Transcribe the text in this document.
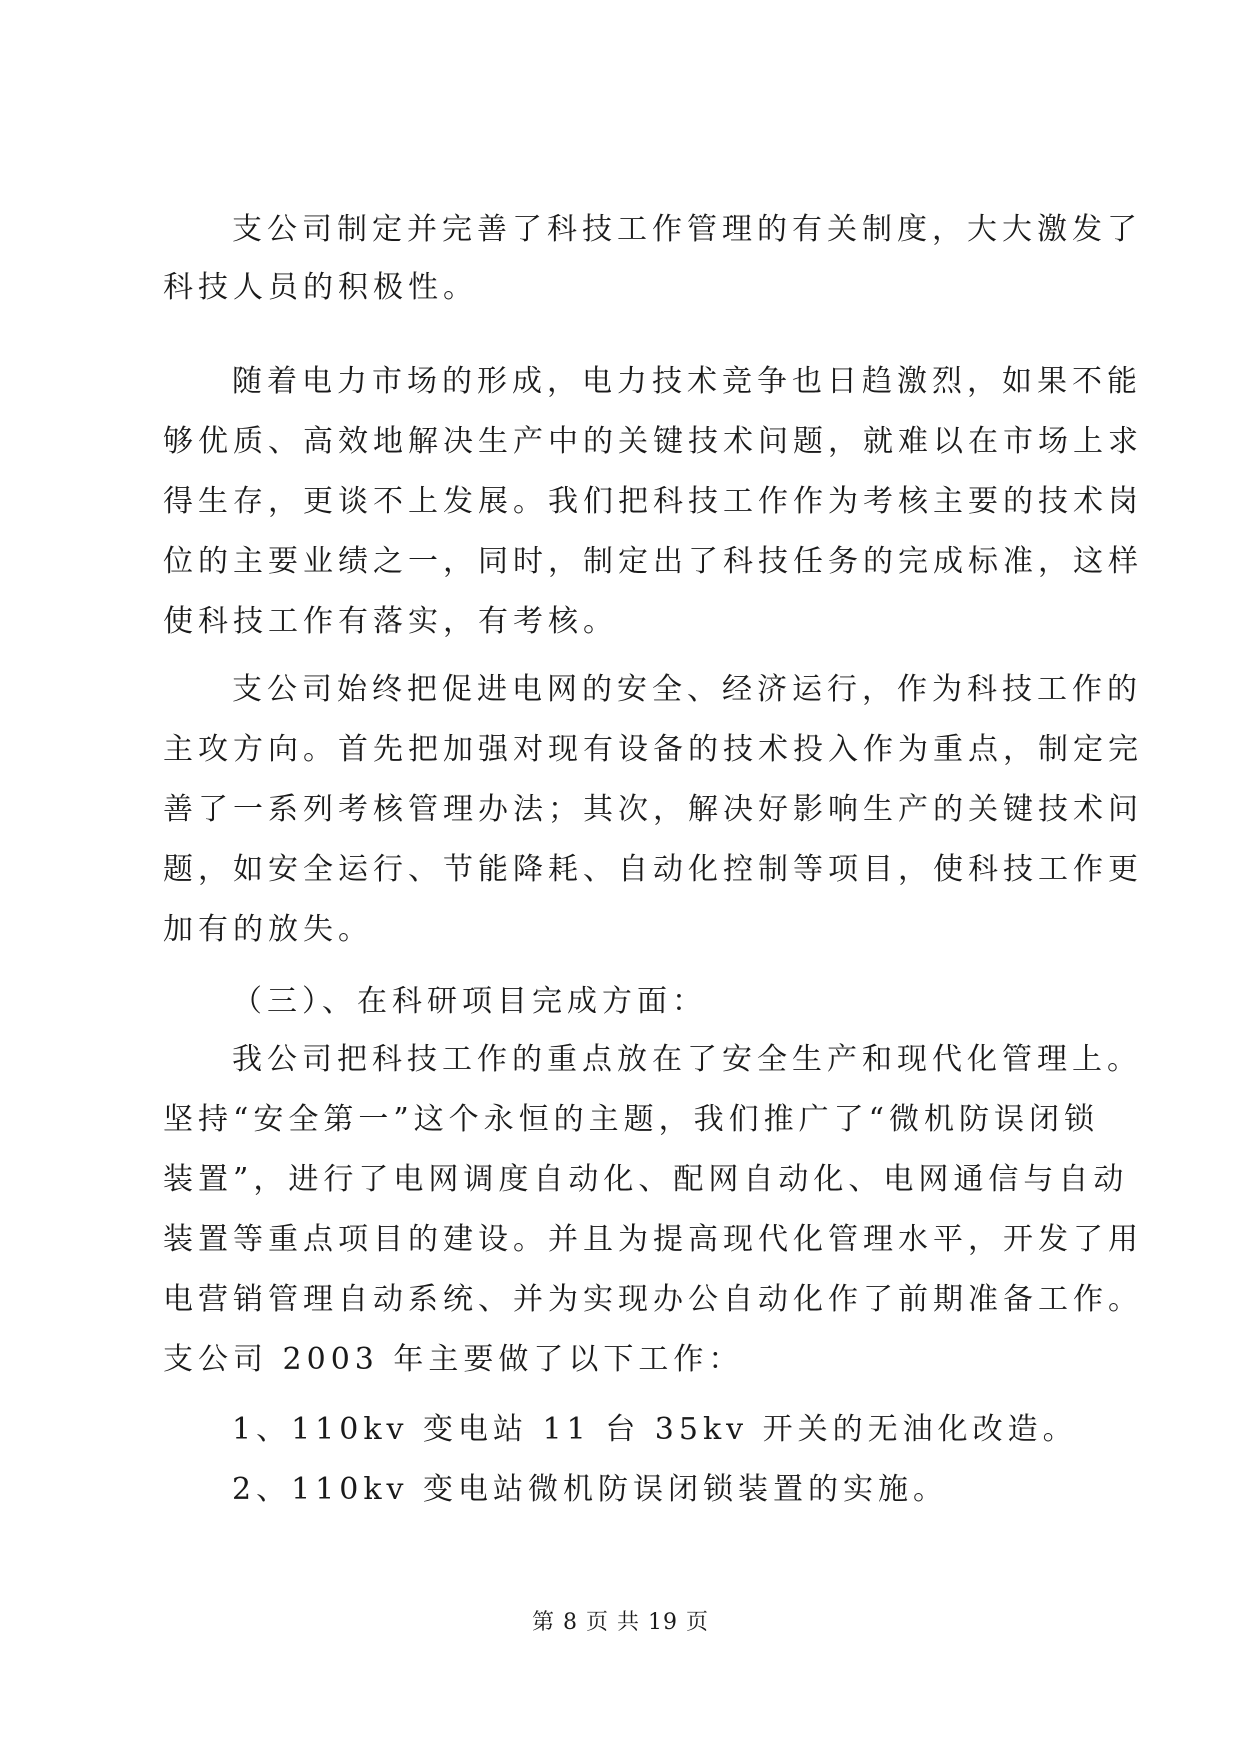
支公司制定并完善了科技工作管理的有关制度，大大激发了
科技人员的积极性。
随着电力市场的形成，电力技术竞争也日趋激烈，如果不能
够优质、高效地解决生产中的关键技术问题，就难以在市场上求
得生存，更谈不上发展。我们把科技工作作为考核主要的技术岗
位的主要业绩之一，同时，制定出了科技任务的完成标准，这样
使科技工作有落实，有考核。
支公司始终把促进电网的安全、经济运行，作为科技工作的
主攻方向。首先把加强对现有设备的技术投入作为重点，制定完
善了一系列考核管理办法；其次，解决好影响生产的关键技术问
题，如安全运行、节能降耗、自动化控制等项目，使科技工作更
加有的放失。
（三）、在科研项目完成方面：
我公司把科技工作的重点放在了安全生产和现代化管理上。
坚持“安全第一”这个永恒的主题，我们推广了“微机防误闭锁
装置”，进行了电网调度自动化、配网自动化、电网通信与自动
装置等重点项目的建设。并且为提高现代化管理水平，开发了用
电营销管理自动系统、并为实现办公自动化作了前期准备工作。
支公司 2003 年主要做了以下工作：
1、110kv 变电站 11 台 35kv 开关的无油化改造。
2、110kv 变电站微机防误闭锁装置的实施。
第 8 页 共 19 页
